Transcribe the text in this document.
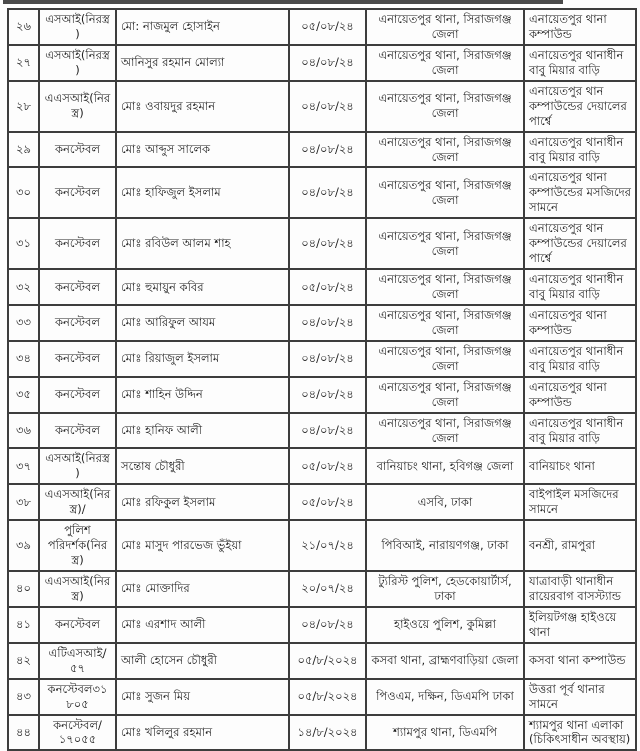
২৬	এসআই(নিরস্ত্র)	মো: নাজমুল হোসাইন	০৫/০৮/২৪	এনায়েতপুর থানা, সিরাজগঞ্জ জেলা	এনায়েতপুর থানা কম্পাউন্ড
২৭	এসআই(নিরস্ত্র)	আনিসুর রহমান মোল্যা	০৪/০৮/২৪	এনায়েতপুর থানা, সিরাজগঞ্জ জেলা	এনায়েতপুর থানাধীন বাবু মিয়ার বাড়ি
২৮	এএসআই(নিরস্ত্র)	মোঃ ওবায়দুর রহমান	০৪/০৮/২৪	এনায়েতপুর থানা, সিরাজগঞ্জ জেলা	এনায়েতপুর থান কম্পাউন্ডের দেয়ালের পার্শ্বে
২৯	কনস্টেবল	মোঃ আব্দুস সালেক	০৪/০৮/২৪	এনায়েতপুর থানা, সিরাজগঞ্জ জেলা	এনায়েতপুর থানাধীন বাবু মিয়ার বাড়ি
৩০	কনস্টেবল	মোঃ হাফিজুল ইসলাম	০৪/০৮/২৪	এনায়েতপুর থানা, সিরাজগঞ্জ জেলা	এনায়েতপুর থানা কম্পাউন্ডের মসজিদের সামনে
৩১	কনস্টেবল	মোঃ রবিউল আলম শাহ	০৪/০৮/২৪	এনায়েতপুর থানা, সিরাজগঞ্জ জেলা	এনায়েতপুর থান কম্পাউন্ডের দেয়ালের পার্শ্বে
৩২	কনস্টেবল	মোঃ হুমায়ুন কবির	০৫/০৮/২৪	এনায়েতপুর থানা, সিরাজগঞ্জ জেলা	এনায়েতপুর থানাধীন বাবু মিয়ার বাড়ি
৩৩	কনস্টেবল	মোঃ আরিফুল আযম	০৪/০৮/২৪	এনায়েতপুর থানা, সিরাজগঞ্জ জেলা	এনায়েতপুর থানা কম্পাউন্ড
৩৪	কনস্টেবল	মোঃ রিয়াজুল ইসলাম	০৪/০৮/২৪	এনায়েতপুর থানা, সিরাজগঞ্জ জেলা	এনায়েতপুর থানাধীন বাবু মিয়ার বাড়ি
৩৫	কনস্টেবল	মোঃ শাহিন উদ্দিন	০৪/০৮/২৪	এনায়েতপুর থানা, সিরাজগঞ্জ জেলা	এনায়েতপুর থানা কম্পাউন্ড
৩৬	কনস্টেবল	মোঃ হানিফ আলী	০৪/০৮/২৪	এনায়েতপুর থানা, সিরাজগঞ্জ জেলা	এনায়েতপুর থানাধীন বাবু মিয়ার বাড়ি
৩৭	এসআই(নিরস্ত্র)	সন্তোষ চৌধুরী	০৫/০৮/২৪	বানিয়াচং থানা, হবিগঞ্জ জেলা	বানিয়াচং থানা
৩৮	এএসআই(নিরস্ত্র)/	মোঃ রফিকুল ইসলাম	০৫/০৮/২৪	এসবি, ঢাকা	বাইপাইল মসজিদের সামনে
৩৯	পুলিশ পরিদর্শক(নিরস্ত্র)	মোঃ মাসুদ পারভেজ ভুঁইয়া	২১/০৭/২৪	পিবিআই, নারায়ণগঞ্জ, ঢাকা	বনশ্রী, রামপুরা
৪০	এএসআই(নিরস্ত্র)	মোঃ মোক্তাদির	২০/০৭/২৪	ট্যুরিস্ট পুলিশ, হেডকোয়ার্টার্স, ঢাকা	যাত্রাবাড়ী থানাধীন রায়েরবাগ বাসস্ট্যান্ড
৪১	কনস্টেবল	মোঃ এরশাদ আলী	০৪/০৮/২৪	হাইওয়ে পুলিশ, কুমিল্লা	ইলিয়টগঞ্জ হাইওয়ে থানা
৪২	এটিএসআই/৫৭	আলী হোসেন চৌধুরী	০৫/৮/২০২৪	কসবা থানা, ব্রাহ্মণবাড়িয়া জেলা	কসবা থানা কম্পাউন্ড
৪৩	কনস্টেবল৩১৮০৫	মোঃ সুজন মিয়	০৫/৮/২০২৪	পিওএম, দক্ষিন, ডিএমপি ঢাকা	উত্তরা পূর্ব থানার সামনে
৪৪	কনস্টেবল/১৭০৫৫	মোঃ খলিলুর রহমান	১৪/৮/২০২৪	শ্যামপুর থানা, ডিএমপি	শ্যামপুর থানা এলাকা (চিকিৎসাধীন অবস্থায়)
